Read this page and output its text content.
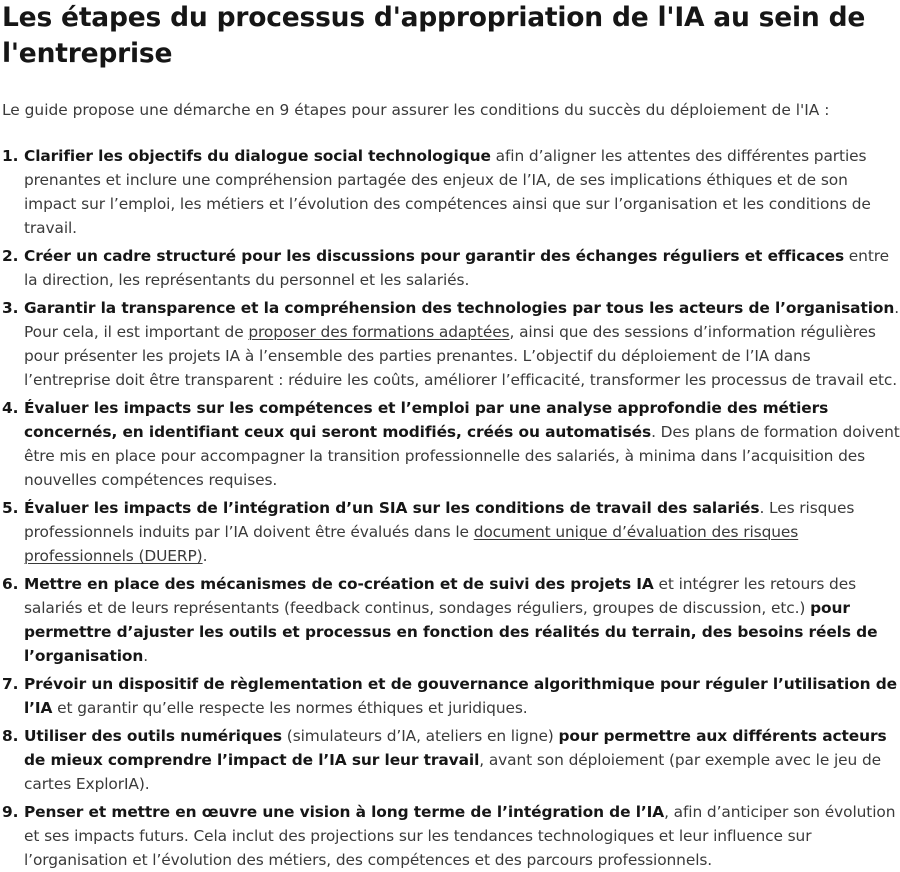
Les étapes du processus d'appropriation de l'IA au sein de l'entreprise

Le guide propose une démarche en 9 étapes pour assurer les conditions du succès du déploiement de l'IA :

1. Clarifier les objectifs du dialogue social technologique afin d’aligner les attentes des différentes parties prenantes et inclure une compréhension partagée des enjeux de l’IA, de ses implications éthiques et de son impact sur l’emploi, les métiers et l’évolution des compétences ainsi que sur l’organisation et les conditions de travail.
2. Créer un cadre structuré pour les discussions pour garantir des échanges réguliers et efficaces entre la direction, les représentants du personnel et les salariés.
3. Garantir la transparence et la compréhension des technologies par tous les acteurs de l’organisation. Pour cela, il est important de proposer des formations adaptées, ainsi que des sessions d’information régulières pour présenter les projets IA à l’ensemble des parties prenantes. L’objectif du déploiement de l’IA dans l’entreprise doit être transparent : réduire les coûts, améliorer l’efficacité, transformer les processus de travail etc.
4. Évaluer les impacts sur les compétences et l’emploi par une analyse approfondie des métiers concernés, en identifiant ceux qui seront modifiés, créés ou automatisés. Des plans de formation doivent être mis en place pour accompagner la transition professionnelle des salariés, à minima dans l’acquisition des nouvelles compétences requises.
5. Évaluer les impacts de l’intégration d’un SIA sur les conditions de travail des salariés. Les risques professionnels induits par l’IA doivent être évalués dans le document unique d’évaluation des risques professionnels (DUERP).
6. Mettre en place des mécanismes de co-création et de suivi des projets IA et intégrer les retours des salariés et de leurs représentants (feedback continus, sondages réguliers, groupes de discussion, etc.) pour permettre d’ajuster les outils et processus en fonction des réalités du terrain, des besoins réels de l’organisation.
7. Prévoir un dispositif de règlementation et de gouvernance algorithmique pour réguler l’utilisation de l’IA et garantir qu’elle respecte les normes éthiques et juridiques.
8. Utiliser des outils numériques (simulateurs d’IA, ateliers en ligne) pour permettre aux différents acteurs de mieux comprendre l’impact de l’IA sur leur travail, avant son déploiement (par exemple avec le jeu de cartes ExplorIA).
9. Penser et mettre en œuvre une vision à long terme de l’intégration de l’IA, afin d’anticiper son évolution et ses impacts futurs. Cela inclut des projections sur les tendances technologiques et leur influence sur l’organisation et l’évolution des métiers, des compétences et des parcours professionnels.
